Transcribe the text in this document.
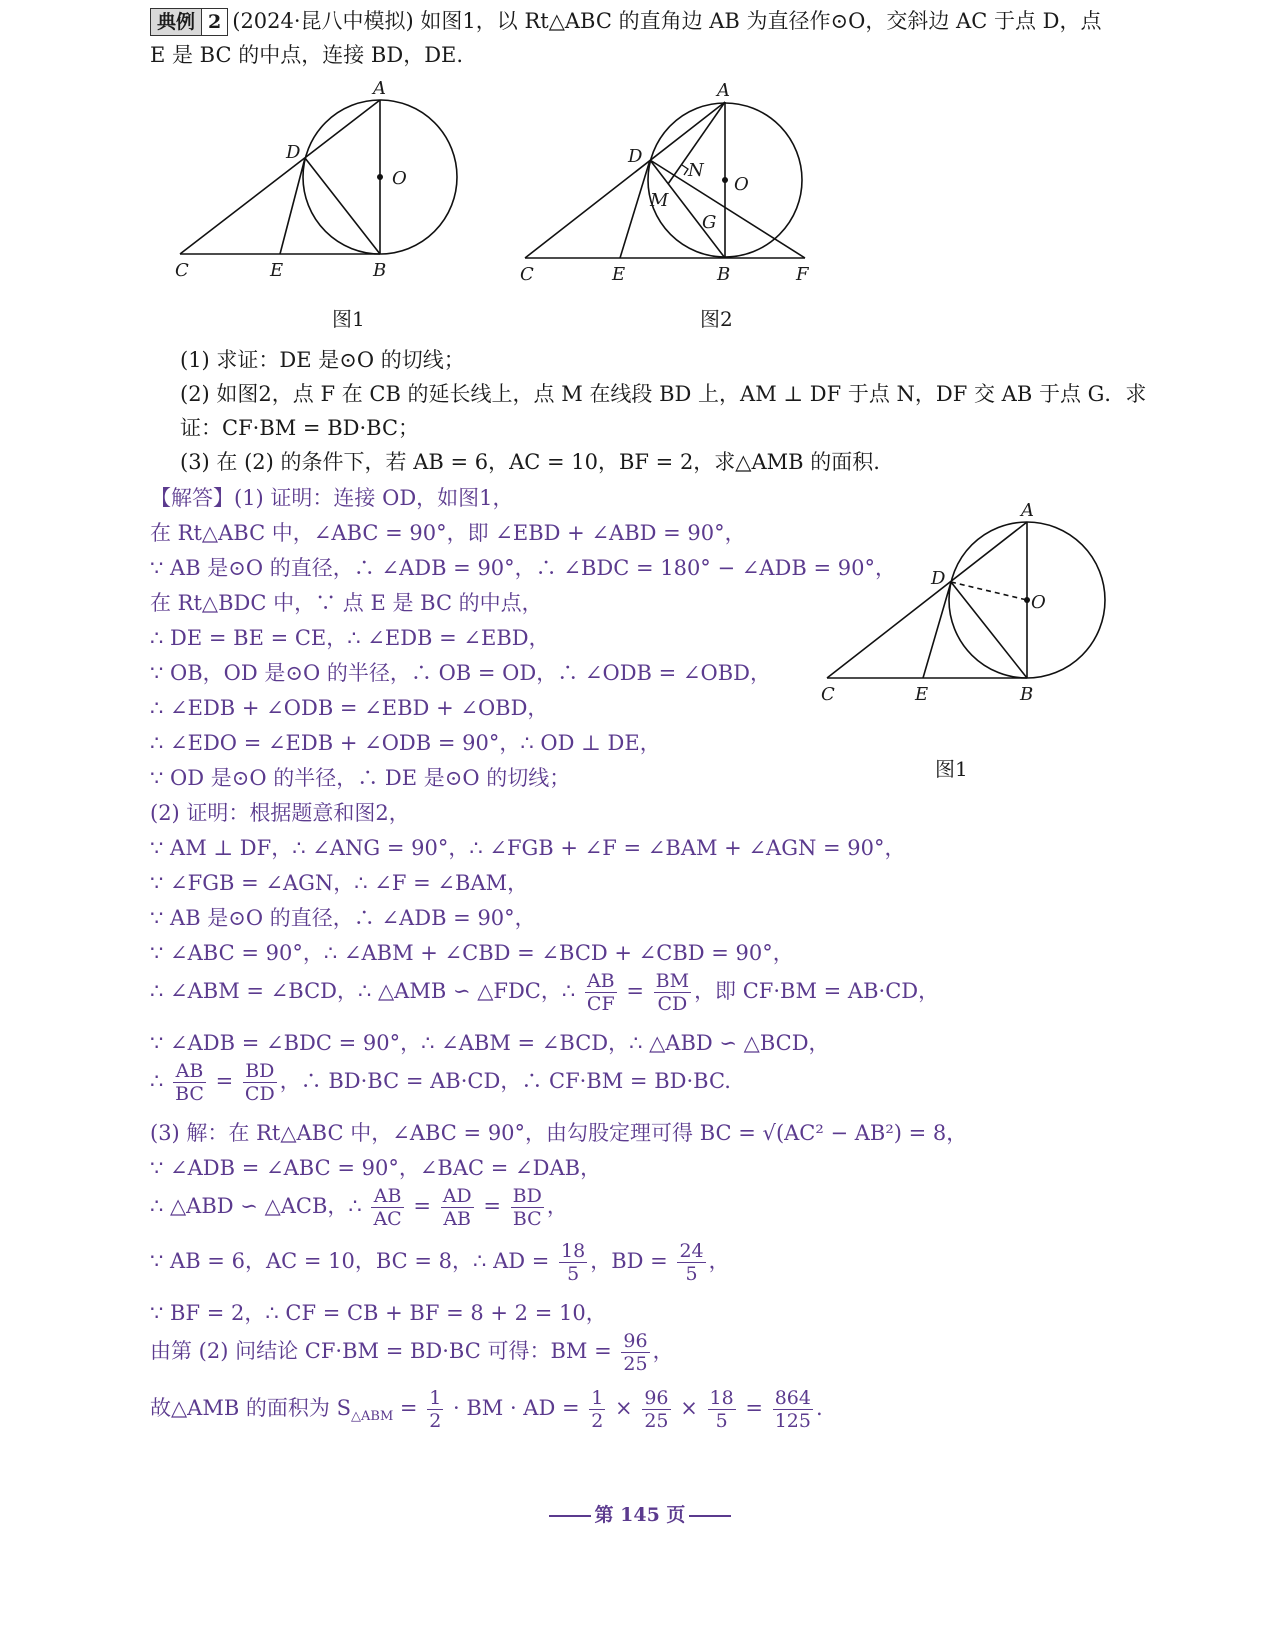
典例 2 (2024·昆八中模拟) 如图1，以 Rt△ABC 的直角边 AB 为直径作⊙O，交斜边 AC 于点 D，点
E 是 BC 的中点，连接 BD，DE.
A
O
D
C	E	B
图1
A
O
D
N
M
G
C	E	B	F
图2
(1) 求证：DE 是⊙O 的切线；
(2) 如图2，点 F 在 CB 的延长线上，点 M 在线段 BD 上，AM ⊥ DF 于点 N，DF 交 AB 于点 G．求
证：CF·BM = BD·BC；
(3) 在 (2) 的条件下，若 AB = 6，AC = 10，BF = 2，求△AMB 的面积.
【解答】(1) 证明：连接 OD，如图1，
在 Rt△ABC 中，∠ABC = 90°，即 ∠EBD + ∠ABD = 90°，
∵ AB 是⊙O 的直径，∴ ∠ADB = 90°，∴ ∠BDC = 180° − ∠ADB = 90°，
在 Rt△BDC 中，∵ 点 E 是 BC 的中点，
∴ DE = BE = CE，∴ ∠EDB = ∠EBD，
∵ OB，OD 是⊙O 的半径，∴ OB = OD，∴ ∠ODB = ∠OBD，
∴ ∠EDB + ∠ODB = ∠EBD + ∠OBD，
∴ ∠EDO = ∠EDB + ∠ODB = 90°，∴ OD ⊥ DE，
∵ OD 是⊙O 的半径，∴ DE 是⊙O 的切线；
(2) 证明：根据题意和图2，
∵ AM ⊥ DF，∴ ∠ANG = 90°，∴ ∠FGB + ∠F = ∠BAM + ∠AGN = 90°，
∵ ∠FGB = ∠AGN，∴ ∠F = ∠BAM，
∵ AB 是⊙O 的直径，∴ ∠ADB = 90°，
∵ ∠ABC = 90°，∴ ∠ABM + ∠CBD = ∠BCD + ∠CBD = 90°，
∴ ∠ABM = ∠BCD，∴ △AMB ∽ △FDC，∴ $\frac{AB}{CF} = \frac{BM}{CD}$ ，即 CF·BM = AB·CD，
∵ ∠ADB = ∠BDC = 90°，∴ ∠ABM = ∠BCD，∴ △ABD ∽ △BCD，
∴ $\frac{AB}{BC} = \frac{BD}{CD}$ ，∴ BD·BC = AB·CD，∴ CF·BM = BD·BC.
(3) 解：在 Rt△ABC 中，∠ABC = 90°，由勾股定理可得 BC = √(AC² − AB²) = 8，
∵ ∠ADB = ∠ABC = 90°，∠BAC = ∠DAB，
∴ △ABD ∽ △ACB，∴ $\frac{AB}{AC} = \frac{AD}{AB} = \frac{BD}{BC}$ ，
∵ AB = 6，AC = 10，BC = 8，∴ AD = $\frac{18}{5}$ ，BD = $\frac{24}{5}$ ，
∵ BF = 2，∴ CF = CB + BF = 8 + 2 = 10，
由第 (2) 问结论 CF·BM = BD·BC 可得：BM = $\frac{96}{25}$ ，
故△AMB 的面积为 $S_{\triangle ABM} = \frac{1}{2}$ · BM · AD = $\frac{1}{2} \times \frac{96}{25} \times \frac{18}{5} = \frac{864}{125}$ .
A
O
D
C	E	B
图1
第 145 页
